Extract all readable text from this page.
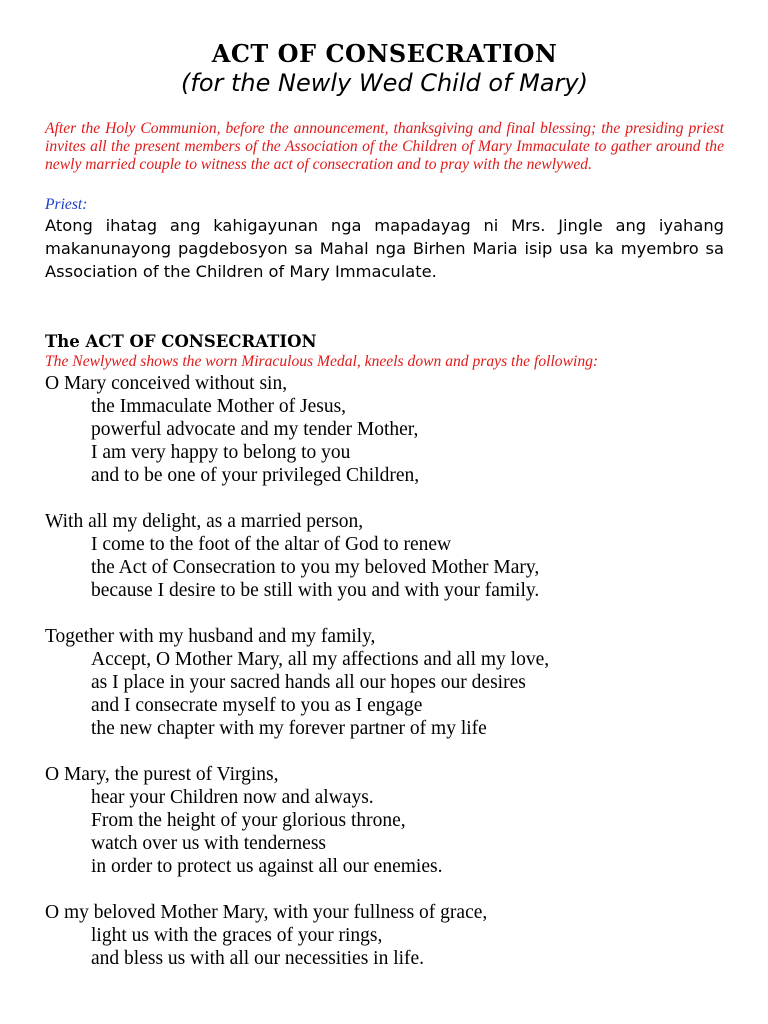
ACT OF CONSECRATION

(for the Newly Wed Child of Mary)

After the Holy Communion, before the announcement, thanksgiving and final blessing; the presiding priest invites all the present members of the Association of the Children of Mary Immaculate to gather around the newly married couple to witness the act of consecration and to pray with the newlywed.

Priest:

Atong ihatag ang kahigayunan nga mapadayag ni Mrs. Jingle ang iyahang makanunayong pagdebosyon sa Mahal nga Birhen Maria isip usa ka myembro sa Association of the Children of Mary Immaculate.

The ACT OF CONSECRATION

The Newlywed shows the worn Miraculous Medal, kneels down and prays the following:

O Mary conceived without sin,
the Immaculate Mother of Jesus,
powerful advocate and my tender Mother,
I am very happy to belong to you
and to be one of your privileged Children,

With all my delight, as a married person,
I come to the foot of the altar of God to renew
the Act of Consecration to you my beloved Mother Mary,
because I desire to be still with you and with your family.

Together with my husband and my family,
Accept, O Mother Mary, all my affections and all my love,
as I place in your sacred hands all our hopes our desires
and I consecrate myself to you as I engage
the new chapter with my forever partner of my life

O Mary, the purest of Virgins,
hear your Children now and always.
From the height of your glorious throne,
watch over us with tenderness
in order to protect us against all our enemies.

O my beloved Mother Mary, with your fullness of grace,
light us with the graces of your rings,
and bless us with all our necessities in life.
